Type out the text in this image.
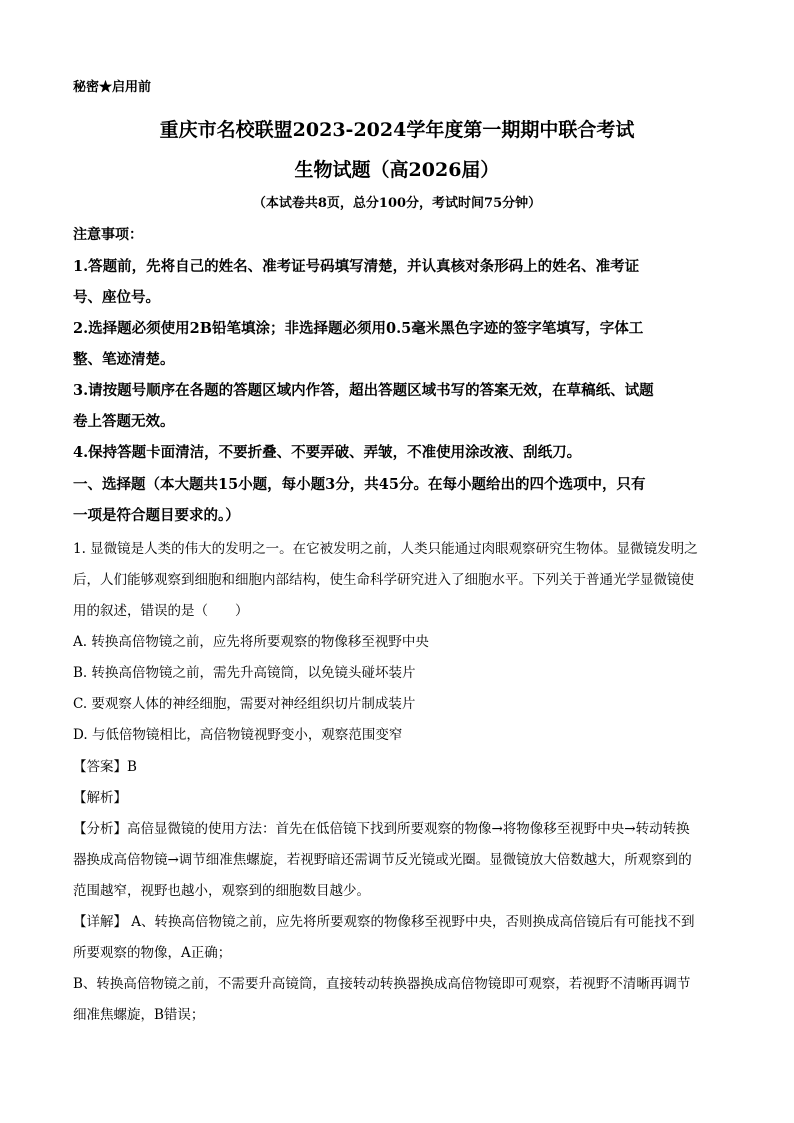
秘密★启用前
重庆市名校联盟2023-2024学年度第一期期中联合考试
生物试题（高2026届）
（本试卷共8页，总分100分，考试时间75分钟）
注意事项：
1.答题前，先将自己的姓名、准考证号码填写清楚，并认真核对条形码上的姓名、准考证
号、座位号。
2.选择题必须使用2B铅笔填涂；非选择题必须用0.5毫米黑色字迹的签字笔填写，字体工
整、笔迹清楚。
3.请按题号顺序在各题的答题区域内作答，超出答题区域书写的答案无效，在草稿纸、试题
卷上答题无效。
4.保持答题卡面清洁，不要折叠、不要弄破、弄皱，不准使用涂改液、刮纸刀。
一、选择题（本大题共15小题，每小题3分，共45分。在每小题给出的四个选项中，只有
一项是符合题目要求的。）
1. 显微镜是人类的伟大的发明之一。在它被发明之前，人类只能通过肉眼观察研究生物体。显微镜发明之
后，人们能够观察到细胞和细胞内部结构，使生命科学研究进入了细胞水平。下列关于普通光学显微镜使
用的叙述，错误的是（　　）
A. 转换高倍物镜之前，应先将所要观察的物像移至视野中央
B. 转换高倍物镜之前，需先升高镜筒，以免镜头碰坏装片
C. 要观察人体的神经细胞，需要对神经组织切片制成装片
D. 与低倍物镜相比，高倍物镜视野变小，观察范围变窄
【答案】B
【解析】
【分析】高倍显微镜的使用方法：首先在低倍镜下找到所要观察的物像→将物像移至视野中央→转动转换
器换成高倍物镜→调节细准焦螺旋，若视野暗还需调节反光镜或光圈。显微镜放大倍数越大，所观察到的
范围越窄，视野也越小，观察到的细胞数目越少。
【详解】 A、转换高倍物镜之前，应先将所要观察的物像移至视野中央，否则换成高倍镜后有可能找不到
所要观察的物像，A正确；
B、转换高倍物镜之前，不需要升高镜筒，直接转动转换器换成高倍物镜即可观察，若视野不清晰再调节
细准焦螺旋，B错误；
